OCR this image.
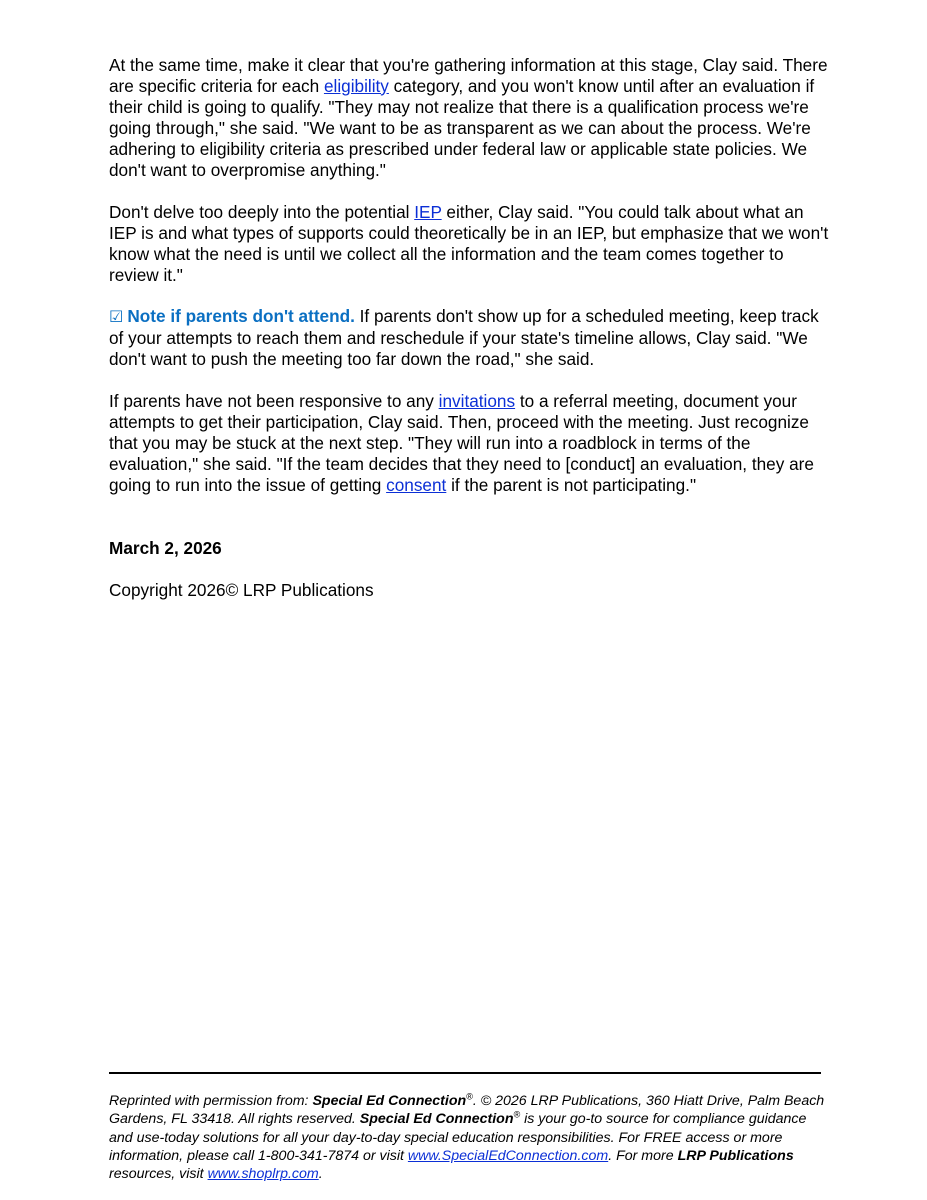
At the same time, make it clear that you're gathering information at this stage, Clay said. There are specific criteria for each eligibility category, and you won't know until after an evaluation if their child is going to qualify. "They may not realize that there is a qualification process we're going through," she said. "We want to be as transparent as we can about the process. We're adhering to eligibility criteria as prescribed under federal law or applicable state policies. We don't want to overpromise anything."

Don't delve too deeply into the potential IEP either, Clay said. "You could talk about what an IEP is and what types of supports could theoretically be in an IEP, but emphasize that we won't know what the need is until we collect all the information and the team comes together to review it."

☑ Note if parents don't attend. If parents don't show up for a scheduled meeting, keep track of your attempts to reach them and reschedule if your state's timeline allows, Clay said. "We don't want to push the meeting too far down the road," she said.

If parents have not been responsive to any invitations to a referral meeting, document your attempts to get their participation, Clay said. Then, proceed with the meeting. Just recognize that you may be stuck at the next step. "They will run into a roadblock in terms of the evaluation," she said. "If the team decides that they need to [conduct] an evaluation, they are going to run into the issue of getting consent if the parent is not participating."

March 2, 2026

Copyright 2026© LRP Publications

Reprinted with permission from: Special Ed Connection®. © 2026 LRP Publications, 360 Hiatt Drive, Palm Beach Gardens, FL 33418. All rights reserved. Special Ed Connection® is your go-to source for compliance guidance and use-today solutions for all your day-to-day special education responsibilities. For FREE access or more information, please call 1-800-341-7874 or visit www.SpecialEdConnection.com. For more LRP Publications resources, visit www.shoplrp.com.
